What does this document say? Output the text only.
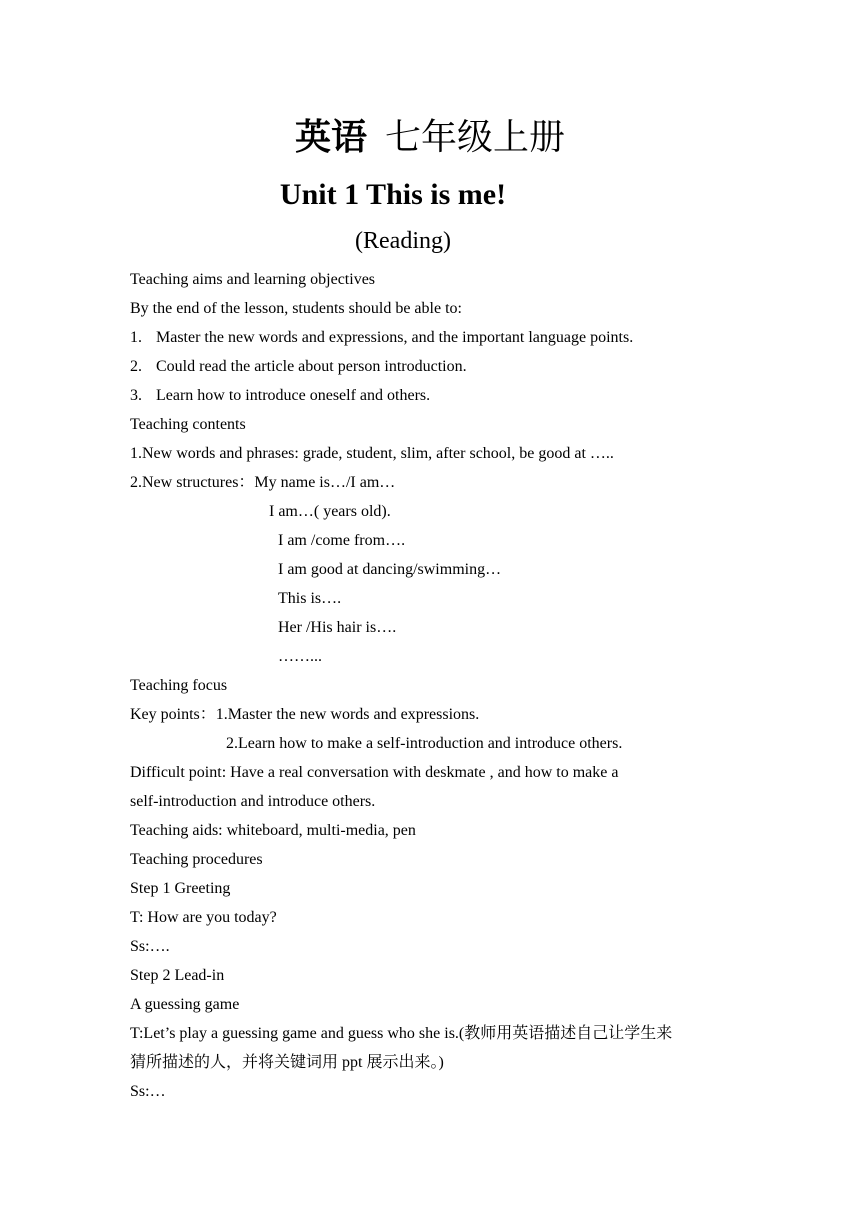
英语 七年级上册
Unit 1 This is me!
(Reading)
Teaching aims and learning objectives
By the end of the lesson, students should be able to:
1. Master the new words and expressions, and the important language points.
2. Could read the article about person introduction.
3. Learn how to introduce oneself and others.
Teaching contents
1.New words and phrases: grade, student, slim, after school, be good at …..
2.New structures：My name is…/I am…
I am…( years old).
I am /come from….
I am good at dancing/swimming…
This is….
Her /His hair is….
……...
Teaching focus
Key points：1.Master the new words and expressions.
2.Learn how to make a self-introduction and introduce others.
Difficult point: Have a real conversation with deskmate , and how to make a
self-introduction and introduce others.
Teaching aids: whiteboard, multi-media, pen
Teaching procedures
Step 1 Greeting
T: How are you today?
Ss:….
Step 2 Lead-in
A guessing game
T:Let’s play a guessing game and guess who she is.(教师用英语描述自己让学生来
猜所描述的人，并将关键词用 ppt 展示出来。)
Ss:…
